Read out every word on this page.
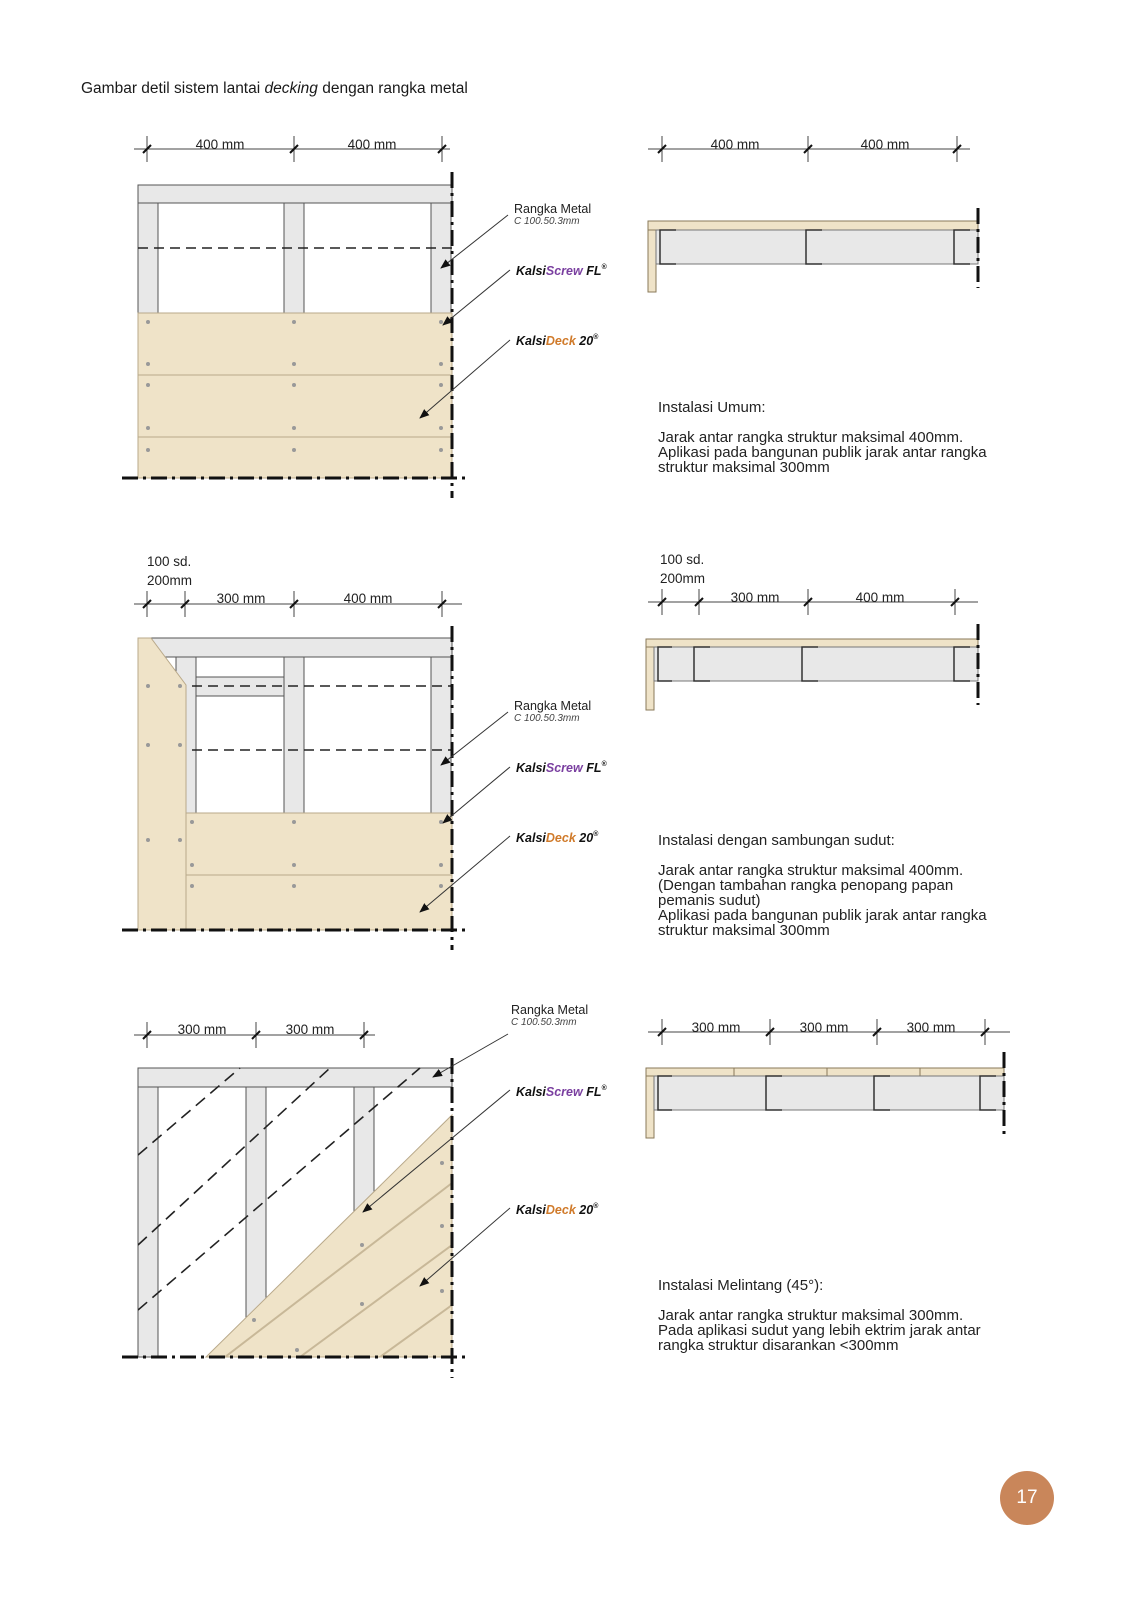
Gambar detil sistem lantai decking dengan rangka metal
400 mm	400 mm
Rangka Metal
C 100.50.3mm
KalsiScrew FL®
KalsiDeck 20®
400 mm	400 mm
100 sd.
200mm
300 mm	400 mm
Rangka Metal
C 100.50.3mm
KalsiScrew FL®
KalsiDeck 20®
100 sd.
200mm
300 mm	400 mm
300 mm	300 mm
Rangka Metal
C 100.50.3mm
KalsiScrew FL®
KalsiDeck 20®
300 mm	300 mm	300 mm

Instalasi Umum:

Jarak antar rangka struktur maksimal 400mm.

Aplikasi pada bangunan publik jarak antar rangka

struktur maksimal 300mm

Instalasi dengan sambungan sudut:

Jarak antar rangka struktur maksimal 400mm.

(Dengan tambahan rangka penopang papan

pemanis sudut)

Aplikasi pada bangunan publik jarak antar rangka

struktur maksimal 300mm

Instalasi Melintang (45°):

Jarak antar rangka struktur maksimal 300mm.

Pada aplikasi sudut yang lebih ektrim jarak antar

rangka struktur disarankan <300mm

17
